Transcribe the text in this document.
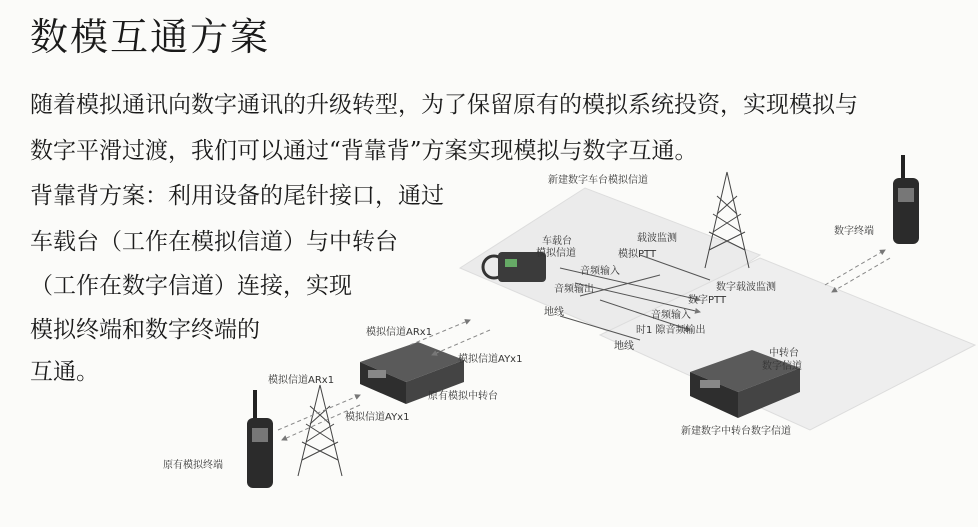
数模互通方案
随着模拟通讯向数字通讯的升级转型，为了保留原有的模拟系统投资，实现模拟与
数字平滑过渡，我们可以通过“背靠背”方案实现模拟与数字互通。
背靠背方案：利用设备的尾针接口，通过
车载台（工作在模拟信道）与中转台
（工作在数字信道）连接，实现
模拟终端和数字终端的
互通。
新建数字车台模拟信道
车载台
模拟信道
载波监测
模拟PTT
音频输入
音频输出	数字载波监测
数字PTT
音频输入
地线
地线
时1 隙音频输出
中转台
数字信道
数字终端
新建数字中转台数字信道
模拟信道ARx1
模拟信道AYx1
原有模拟中转台
模拟信道ARx1
模拟信道AYx1
原有模拟终端
